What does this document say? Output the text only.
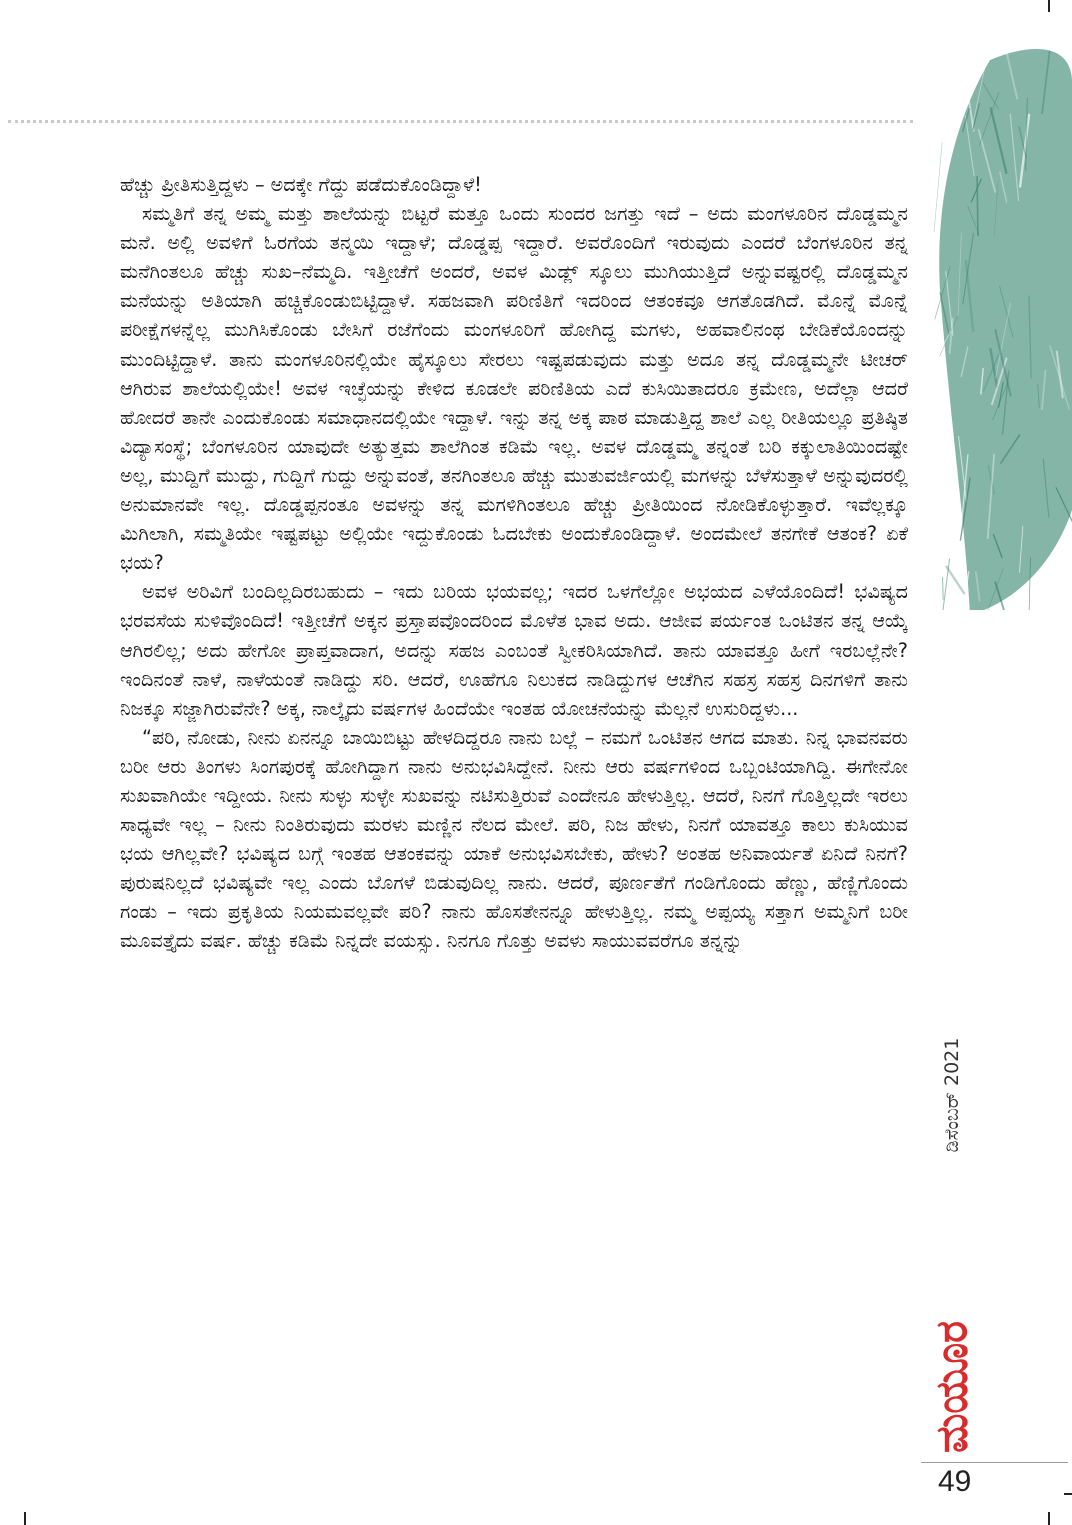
ಹೆಚ್ಚು ಪ್ರೀತಿಸುತ್ತಿದ್ದಳು – ಅದಕ್ಕೇ ಗೆದ್ದು ಪಡೆದುಕೊಂಡಿದ್ದಾಳೆ!

ಸಮ್ಮತಿಗೆ ತನ್ನ ಅಮ್ಮ ಮತ್ತು ಶಾಲೆಯನ್ನು ಬಿಟ್ಟರೆ ಮತ್ತೂ ಒಂದು ಸುಂದರ ಜಗತ್ತು ಇದೆ – ಅದು ಮಂಗಳೂರಿನ ದೊಡ್ಡಮ್ಮನ ಮನೆ. ಅಲ್ಲಿ ಅವಳಿಗೆ ಓರಗೆಯ ತನ್ಮಯಿ ಇದ್ದಾಳೆ; ದೊಡ್ಡಪ್ಪ ಇದ್ದಾರೆ. ಅವರೊಂದಿಗೆ ಇರುವುದು ಎಂದರೆ ಬೆಂಗಳೂರಿನ ತನ್ನ ಮನೆಗಿಂತಲೂ ಹೆಚ್ಚು ಸುಖ–ನೆಮ್ಮದಿ. ಇತ್ತೀಚೆಗೆ ಅಂದರೆ, ಅವಳ ಮಿಡ್ಲ್ ಸ್ಕೂಲು ಮುಗಿಯುತ್ತಿದೆ ಅನ್ನುವಷ್ಟರಲ್ಲಿ ದೊಡ್ಡಮ್ಮನ ಮನೆಯನ್ನು ಅತಿಯಾಗಿ ಹಚ್ಚಿಕೊಂಡುಬಿಟ್ಟಿದ್ದಾಳೆ. ಸಹಜವಾಗಿ ಪರಿಣಿತಿಗೆ ಇದರಿಂದ ಆತಂಕವೂ ಆಗತೊಡಗಿದೆ. ಮೊನ್ನೆ ಮೊನ್ನೆ ಪರೀಕ್ಷೆಗಳನ್ನೆಲ್ಲ ಮುಗಿಸಿಕೊಂಡು ಬೇಸಿಗೆ ರಜೆಗೆಂದು ಮಂಗಳೂರಿಗೆ ಹೋಗಿದ್ದ ಮಗಳು, ಅಹವಾಲಿನಂಥ ಬೇಡಿಕೆಯೊಂದನ್ನು ಮುಂದಿಟ್ಟಿದ್ದಾಳೆ. ತಾನು ಮಂಗಳೂರಿನಲ್ಲಿಯೇ ಹೈಸ್ಕೂಲು ಸೇರಲು ಇಷ್ಟಪಡುವುದು ಮತ್ತು ಅದೂ ತನ್ನ ದೊಡ್ಡಮ್ಮನೇ ಟೀಚರ್ ಆಗಿರುವ ಶಾಲೆಯಲ್ಲಿಯೇ! ಅವಳ ಇಚ್ಛೆಯನ್ನು ಕೇಳಿದ ಕೂಡಲೇ ಪರಿಣಿತಿಯ ಎದೆ ಕುಸಿಯಿತಾದರೂ ಕ್ರಮೇಣ, ಅದೆಲ್ಲಾ ಆದರೆ ಹೋದರೆ ತಾನೇ ಎಂದುಕೊಂಡು ಸಮಾಧಾನದಲ್ಲಿಯೇ ಇದ್ದಾಳೆ. ಇನ್ನು ತನ್ನ ಅಕ್ಕ ಪಾಠ ಮಾಡುತ್ತಿದ್ದ ಶಾಲೆ ಎಲ್ಲ ರೀತಿಯಲ್ಲೂ ಪ್ರತಿಷ್ಠಿತ ವಿದ್ಯಾಸಂಸ್ಥೆ; ಬೆಂಗಳೂರಿನ ಯಾವುದೇ ಅತ್ಯುತ್ತಮ ಶಾಲೆಗಿಂತ ಕಡಿಮೆ ಇಲ್ಲ. ಅವಳ ದೊಡ್ಡಮ್ಮ ತನ್ನಂತೆ ಬರಿ ಕಕ್ಕುಲಾತಿಯಿಂದಷ್ಟೇ ಅಲ್ಲ, ಮುದ್ದಿಗೆ ಮುದ್ದು, ಗುದ್ದಿಗೆ ಗುದ್ದು ಅನ್ನುವಂತೆ, ತನಗಿಂತಲೂ ಹೆಚ್ಚು ಮುತುವರ್ಜಿಯಲ್ಲಿ ಮಗಳನ್ನು ಬೆಳೆಸುತ್ತಾಳೆ ಅನ್ನುವುದರಲ್ಲಿ ಅನುಮಾನವೇ ಇಲ್ಲ. ದೊಡ್ಡಪ್ಪನಂತೂ ಅವಳನ್ನು ತನ್ನ ಮಗಳಿಗಿಂತಲೂ ಹೆಚ್ಚು ಪ್ರೀತಿಯಿಂದ ನೋಡಿಕೊಳ್ಳುತ್ತಾರೆ. ಇವೆಲ್ಲಕ್ಕೂ ಮಿಗಿಲಾಗಿ, ಸಮ್ಮತಿಯೇ ಇಷ್ಟಪಟ್ಟು ಅಲ್ಲಿಯೇ ಇದ್ದುಕೊಂಡು ಓದಬೇಕು ಅಂದುಕೊಂಡಿದ್ದಾಳೆ. ಅಂದಮೇಲೆ ತನಗೇಕೆ ಆತಂಕ? ಏಕೆ ಭಯ?

ಅವಳ ಅರಿವಿಗೆ ಬಂದಿಲ್ಲದಿರಬಹುದು – ಇದು ಬರಿಯ ಭಯವಲ್ಲ; ಇದರ ಒಳಗೆಲ್ಲೋ ಅಭಯದ ಎಳೆಯೊಂದಿದೆ! ಭವಿಷ್ಯದ ಭರವಸೆಯ ಸುಳಿವೊಂದಿದೆ! ಇತ್ತೀಚೆಗೆ ಅಕ್ಕನ ಪ್ರಸ್ತಾಪವೊಂದರಿಂದ ಮೊಳೆತ ಭಾವ ಅದು. ಆಜೀವ ಪರ್ಯಂತ ಒಂಟಿತನ ತನ್ನ ಆಯ್ಕೆ ಆಗಿರಲಿಲ್ಲ; ಅದು ಹೇಗೋ ಪ್ರಾಪ್ತವಾದಾಗ, ಅದನ್ನು ಸಹಜ ಎಂಬಂತೆ ಸ್ವೀಕರಿಸಿಯಾಗಿದೆ. ತಾನು ಯಾವತ್ತೂ ಹೀಗೆ ಇರಬಲ್ಲೆನೇ? ಇಂದಿನಂತೆ ನಾಳೆ, ನಾಳೆಯಂತೆ ನಾಡಿದ್ದು ಸರಿ. ಆದರೆ, ಊಹೆಗೂ ನಿಲುಕದ ನಾಡಿದ್ದುಗಳ ಆಚೆಗಿನ ಸಹಸ್ರ ಸಹಸ್ರ ದಿನಗಳಿಗೆ ತಾನು ನಿಜಕ್ಕೂ ಸಜ್ಜಾಗಿರುವೆನೇ? ಅಕ್ಕ, ನಾಲ್ಕೈದು ವರ್ಷಗಳ ಹಿಂದೆಯೇ ಇಂತಹ ಯೋಚನೆಯನ್ನು ಮೆಲ್ಲನೆ ಉಸುರಿದ್ದಳು...

“ಪರಿ, ನೋಡು, ನೀನು ಏನನ್ನೂ ಬಾಯಿಬಿಟ್ಟು ಹೇಳದಿದ್ದರೂ ನಾನು ಬಲ್ಲೆ – ನಮಗೆ ಒಂಟಿತನ ಆಗದ ಮಾತು. ನಿನ್ನ ಭಾವನವರು ಬರೀ ಆರು ತಿಂಗಳು ಸಿಂಗಪುರಕ್ಕೆ ಹೋಗಿದ್ದಾಗ ನಾನು ಅನುಭವಿಸಿದ್ದೇನೆ. ನೀನು ಆರು ವರ್ಷಗಳಿಂದ ಒಬ್ಬಂಟಿಯಾಗಿದ್ದಿ. ಈಗೇನೋ ಸುಖವಾಗಿಯೇ ಇದ್ದೀಯ. ನೀನು ಸುಳ್ಳು ಸುಳ್ಳೇ ಸುಖವನ್ನು ನಟಿಸುತ್ತಿರುವೆ ಎಂದೇನೂ ಹೇಳುತ್ತಿಲ್ಲ. ಆದರೆ, ನಿನಗೆ ಗೊತ್ತಿಲ್ಲದೇ ಇರಲು ಸಾಧ್ಯವೇ ಇಲ್ಲ – ನೀನು ನಿಂತಿರುವುದು ಮರಳು ಮಣ್ಣಿನ ನೆಲದ ಮೇಲೆ. ಪರಿ, ನಿಜ ಹೇಳು, ನಿನಗೆ ಯಾವತ್ತೂ ಕಾಲು ಕುಸಿಯುವ ಭಯ ಆಗಿಲ್ಲವೇ? ಭವಿಷ್ಯದ ಬಗ್ಗೆ ಇಂತಹ ಆತಂಕವನ್ನು ಯಾಕೆ ಅನುಭವಿಸಬೇಕು, ಹೇಳು? ಅಂತಹ ಅನಿವಾರ್ಯತೆ ಏನಿದೆ ನಿನಗೆ? ಪುರುಷನಿಲ್ಲದೆ ಭವಿಷ್ಯವೇ ಇಲ್ಲ ಎಂದು ಬೊಗಳೆ ಬಿಡುವುದಿಲ್ಲ ನಾನು. ಆದರೆ, ಪೂರ್ಣತೆಗೆ ಗಂಡಿಗೊಂದು ಹೆಣ್ಣು, ಹೆಣ್ಣಿಗೊಂದು ಗಂಡು – ಇದು ಪ್ರಕೃತಿಯ ನಿಯಮವಲ್ಲವೇ ಪರಿ? ನಾನು ಹೊಸತೇನನ್ನೂ ಹೇಳುತ್ತಿಲ್ಲ. ನಮ್ಮ ಅಪ್ಪಯ್ಯ ಸತ್ತಾಗ ಅಮ್ಮನಿಗೆ ಬರೀ ಮೂವತ್ತೈದು ವರ್ಷ. ಹೆಚ್ಚು ಕಡಿಮೆ ನಿನ್ನದೇ ವಯಸ್ಸು. ನಿನಗೂ ಗೊತ್ತು ಅವಳು ಸಾಯುವವರೆಗೂ ತನ್ನನ್ನು

ಡಿಸೆಂಬರ್ 2021
ಮಯೂರ
49
